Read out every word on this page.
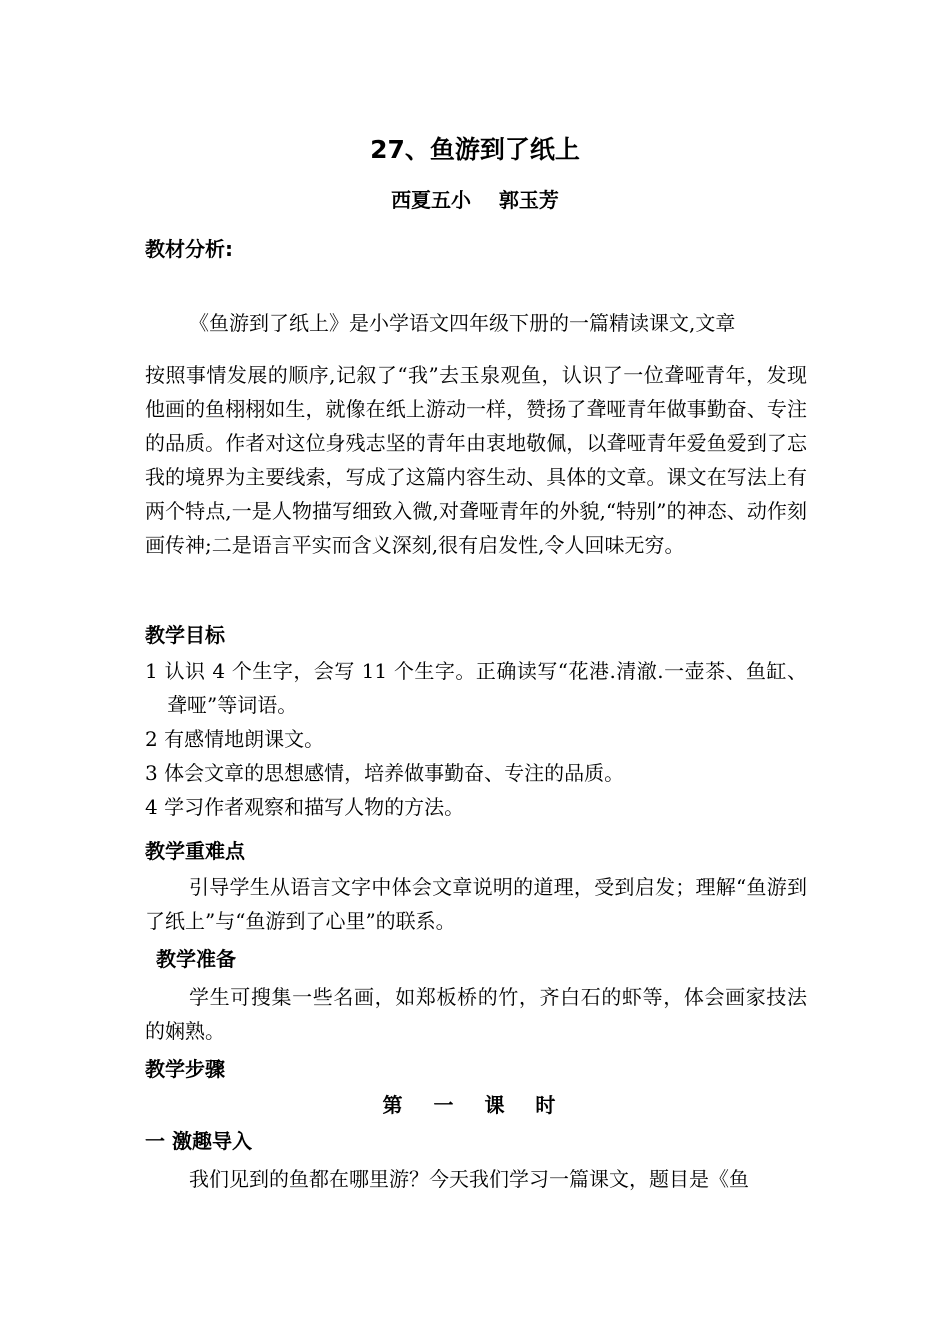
27、鱼游到了纸上
西夏五小    郭玉芳
教材分析:
《鱼游到了纸上》是小学语文四年级下册的一篇精读课文,文章
按照事情发展的顺序,记叙了“我”去玉泉观鱼，认识了一位聋哑青年，发现他画的鱼栩栩如生，就像在纸上游动一样，赞扬了聋哑青年做事勤奋、专注的品质。作者对这位身残志坚的青年由衷地敬佩，以聋哑青年爱鱼爱到了忘我的境界为主要线索，写成了这篇内容生动、具体的文章。课文在写法上有两个特点,一是人物描写细致入微,对聋哑青年的外貌,“特别”的神态、动作刻画传神;二是语言平实而含义深刻,很有启发性,令人回味无穷。
教学目标
1 认识 4 个生字，会写 11 个生字。正确读写“花港.清澈.一壶茶、鱼缸、聋哑”等词语。
2 有感情地朗课文。
3 体会文章的思想感情，培养做事勤奋、专注的品质。
4 学习作者观察和描写人物的方法。
教学重难点
引导学生从语言文字中体会文章说明的道理，受到启发；理解“鱼游到了纸上”与“鱼游到了心里”的联系。
教学准备
学生可搜集一些名画，如郑板桥的竹，齐白石的虾等，体会画家技法的娴熟。
教学步骤
第 一 课 时
一 激趣导入
我们见到的鱼都在哪里游？今天我们学习一篇课文，题目是《鱼
